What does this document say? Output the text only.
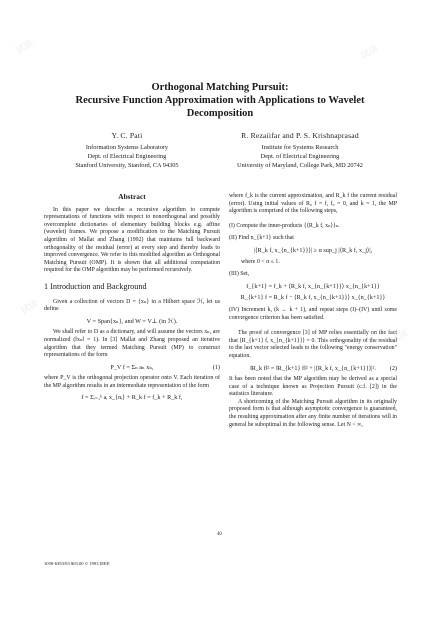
试读	试读
试读
试读
Orthogonal Matching Pursuit:
Recursive Function Approximation with Applications to Wavelet
Decomposition
Y. C. Pati
Information Systems Laboratory
Dept. of Electrical Engineering
Stanford University, Stanford, CA 94305
R. Rezaiifar and P. S. Krishnaprasad
Institute for Systems Research
Dept. of Electrical Engineering
University of Maryland, College Park, MD 20742
Abstract

In this paper we describe a recursive algorithm to compute representations of functions with respect to nonorthogonal and possibly overcomplete dictionaries of elementary building blocks e.g. affine (wavelet) frames. We propose a modification to the Matching Pursuit algorithm of Mallat and Zhang (1992) that maintains full backward orthogonality of the residual (error) at every step and thereby leads to improved convergence. We refer to this modified algorithm as Orthogonal Matching Pursuit (OMP). It is shown that all additional computation required for the OMP algorithm may be performed recursively.

1 Introduction and Background

Given a collection of vectors D = {xₙ} in a Hilbert space ℋ, let us define

V = Span{xₙ}, and W = V⊥ (in ℋ).

We shall refer to D as a dictionary, and will assume the vectors xₙ, are normalized (‖xₙ‖ = 1). In [3] Mallat and Zhang proposed an iterative algorithm that they termed Matching Pursuit (MP) to construct representations of the form

P_V f = Σₙ aₙ xₙ,	(1)

where P_V is the orthogonal projection operator onto V. Each iteration of the MP algorithm results in an intermediate representation of the form

f = Σᵢ₌₁ᵏ aᵢ x_{nᵢ} + R_k f = f_k + R_k f,

where f_k is the current approximation, and R_k f the current residual (error). Using initial values of R₀ f = f, f₀ = 0, and k = 1, the MP algorithm is comprised of the following steps,

(I) Compute the inner-products {⟨R_k f, xₙ⟩}ₙ.

(II) Find n_{k+1} such that

|⟨R_k f, x_{n_{k+1}}⟩| ≥ α sup_j |⟨R_k f, x_j⟩|,

where 0 < α ≤ 1.

(III) Set,

f_{k+1} = f_k + ⟨R_k f, x_{n_{k+1}}⟩ x_{n_{k+1}}
R_{k+1} f = R_k f − ⟨R_k f, x_{n_{k+1}}⟩ x_{n_{k+1}}

(IV) Increment k, (k ← k + 1), and repeat steps (I)–(IV) until some convergence criterion has been satisfied.

The proof of convergence [3] of MP relies essentially on the fact that ⟨R_{k+1} f, x_{n_{k+1}}⟩ = 0. This orthogonality of the residual to the last vector selected leads to the following "energy conservation" equation.

‖R_k f‖² = ‖R_{k+1} f‖² + |⟨R_k f, x_{n_{k+1}}⟩|². (2)

It has been noted that the MP algorithm may be derived as a special case of a technique known as Projection Pursuit (c.f. [2]) in the statistics literature.

A shortcoming of the Matching Pursuit algorithm in its originally proposed form is that although asymptotic convergence is guaranteed, the resulting approximation after any finite number of iterations will in general be suboptimal in the following sense. Let N < ∞,

40
1058-6393/93 $03.00 © 1993 IEEE
